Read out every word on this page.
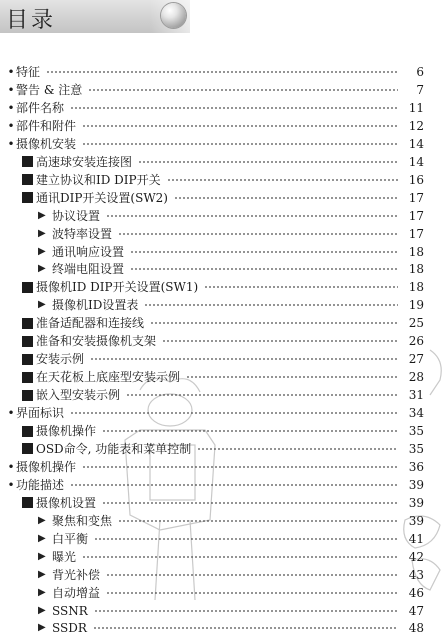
目录
• 特征	6
• 警告 & 注意	7
• 部件名称	11
• 部件和附件	12
• 摄像机安装	14
高速球安装连接图	14
建立协议和ID DIP开关	16
通讯DIP开关设置(SW2)	17
▶ 协议设置	17
▶ 波特率设置	17
▶ 通讯响应设置	18
▶ 终端电阻设置	18
摄像机ID DIP开关设置(SW1)	18
▶ 摄像机ID设置表	19
准备适配器和连接线	25
准备和安装摄像机支架	26
安装示例	27
在天花板上底座型安装示例	28
嵌入型安装示例	31
• 界面标识	34
摄像机操作	35
OSD命令, 功能表和菜单控制	35
• 摄像机操作	36
• 功能描述	39
摄像机设置	39
▶ 聚焦和变焦	39
▶ 白平衡	41
▶ 曝光	42
▶ 背光补偿	43
▶ 自动增益	46
▶ SSNR	47
▶ SSDR	48
